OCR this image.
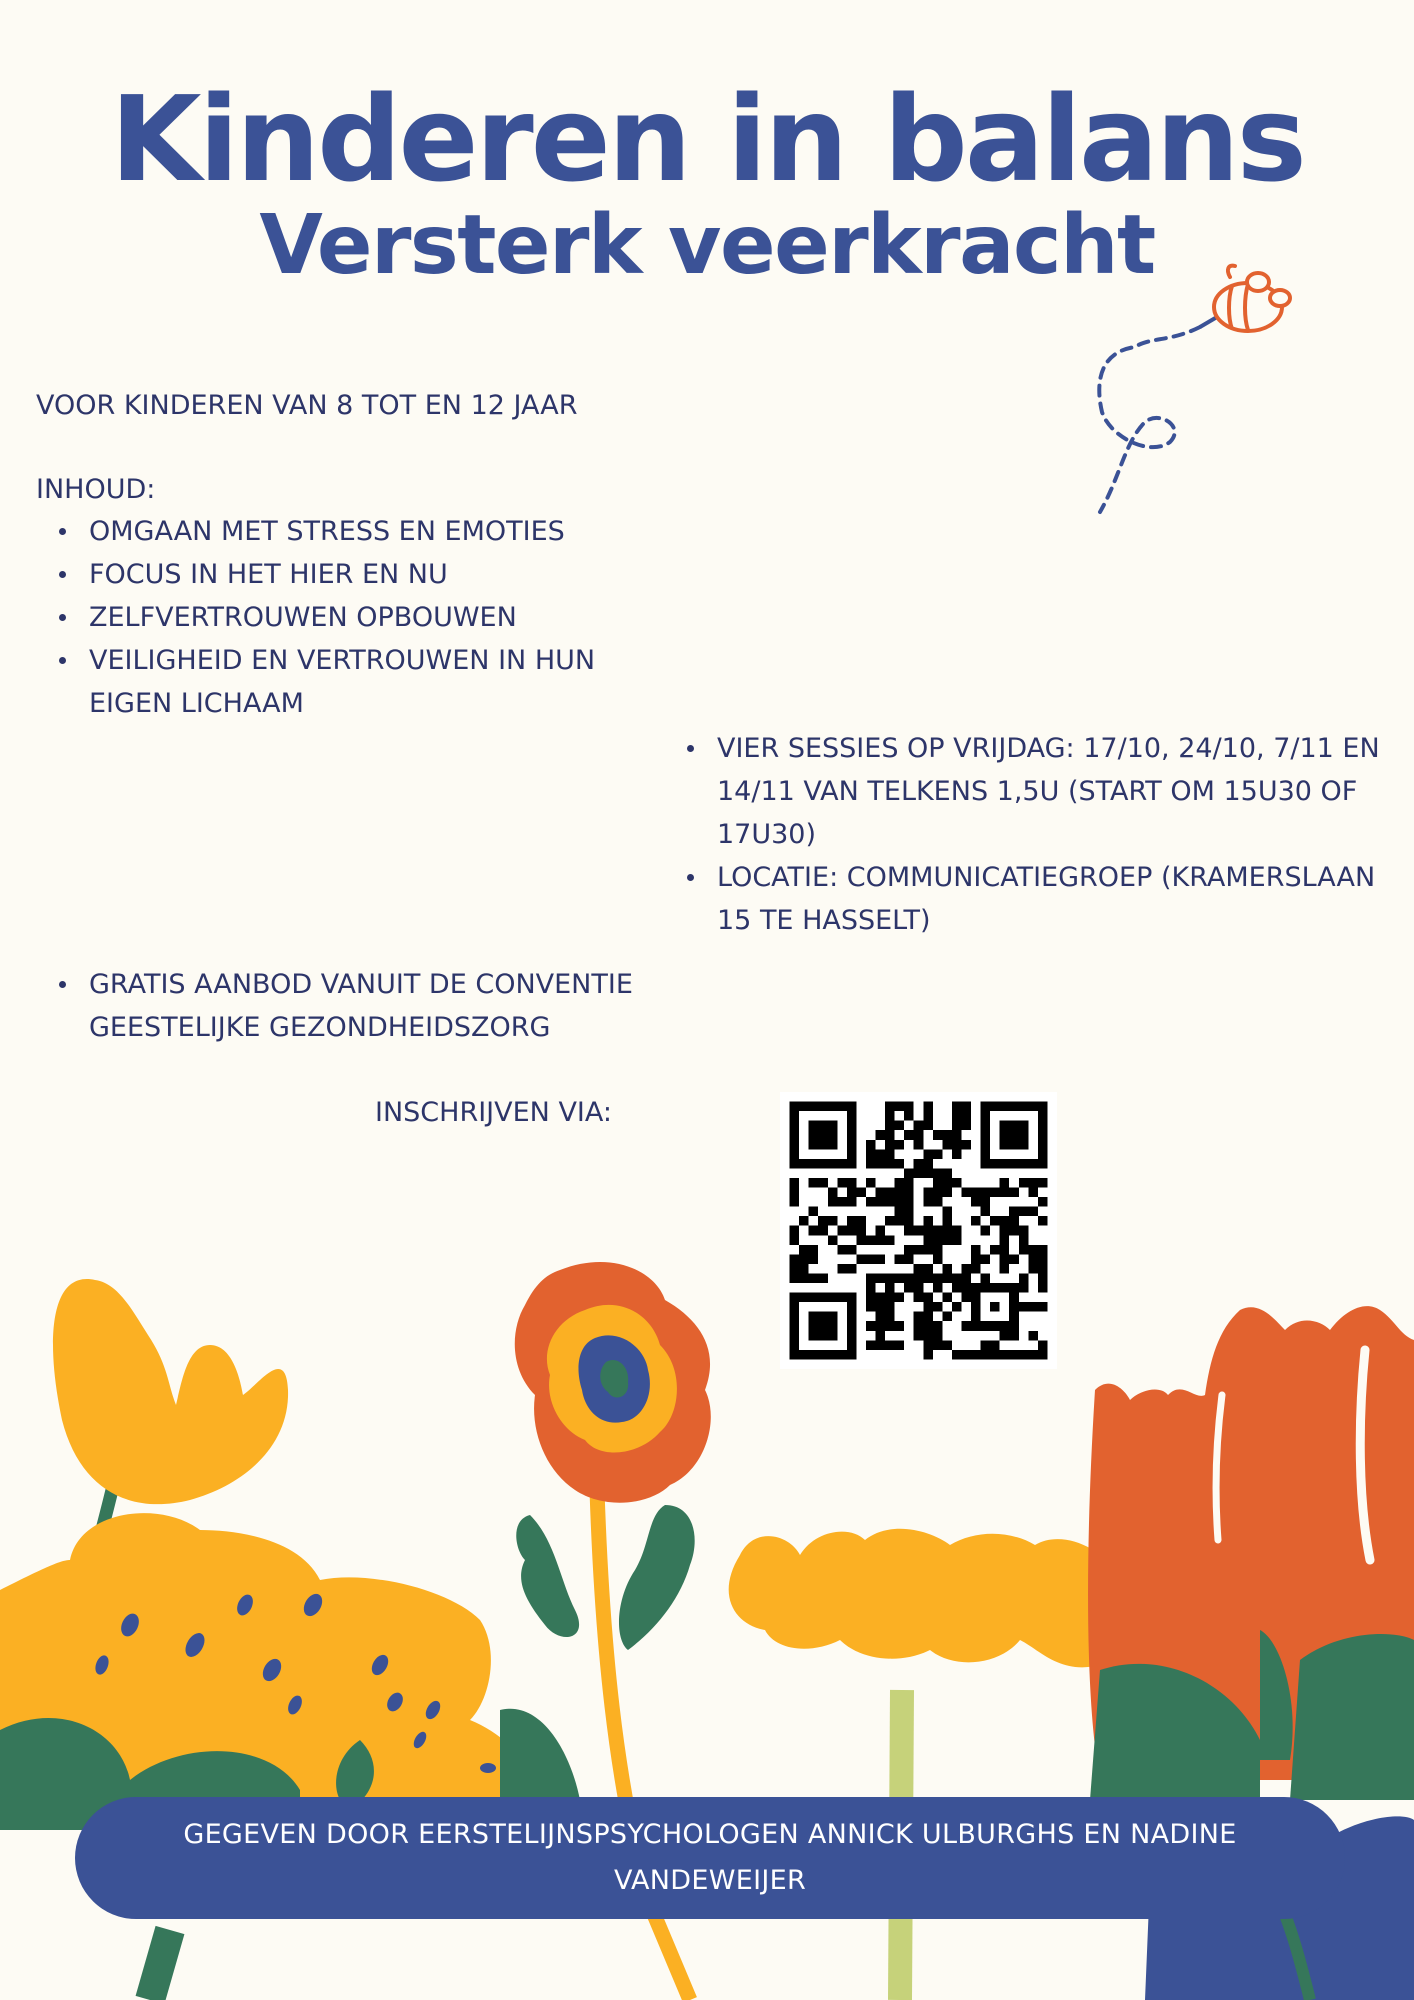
Kinderen in balans
Versterk veerkracht

VOOR KINDEREN VAN 8 TOT EN 12 JAAR

INHOUD:

OMGAAN MET STRESS EN EMOTIES
FOCUS IN HET HIER EN NU
ZELFVERTROUWEN OPBOUWEN
VEILIGHEID EN VERTROUWEN IN HUN EIGEN LICHAAM
VIER SESSIES OP VRIJDAG: 17/10, 24/10, 7/11 EN 14/11 VAN TELKENS 1,5U (START OM 15U30 OF 17U30)
LOCATIE: COMMUNICATIEGROEP (KRAMERSLAAN 15 TE HASSELT)
GRATIS AANBOD VANUIT DE CONVENTIE GEESTELIJKE GEZONDHEIDSZORG

INSCHRIJVEN VIA:

GEGEVEN DOOR EERSTELIJNSPSYCHOLOGEN ANNICK ULBURGHS EN NADINE VANDEWEIJER
